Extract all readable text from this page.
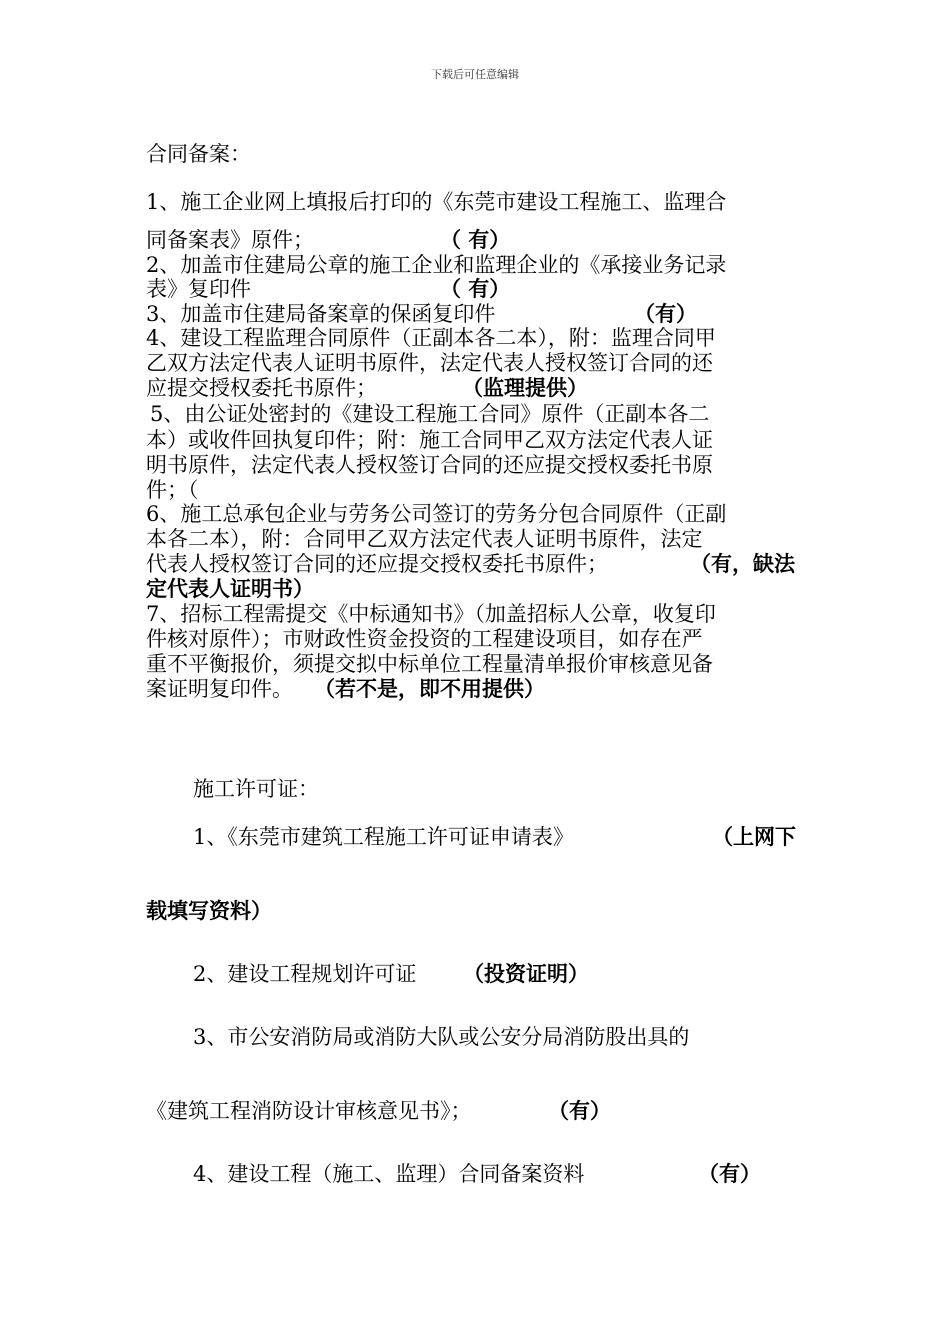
下载后可任意编辑
合同备案：
1、施工企业网上填报后打印的《东莞市建设工程施工、监理合
同备案表》原件；	（ 有）
2、加盖市住建局公章的施工企业和监理企业的《承接业务记录
表》复印件	（ 有）
3、加盖市住建局备案章的保函复印件	（有）
4、建设工程监理合同原件（正副本各二本），附：监理合同甲
乙双方法定代表人证明书原件，法定代表人授权签订合同的还
应提交授权委托书原件；	（监理提供）
5、由公证处密封的《建设工程施工合同》原件（正副本各二
本）或收件回执复印件；附：施工合同甲乙双方法定代表人证
明书原件，法定代表人授权签订合同的还应提交授权委托书原
件；（
6、施工总承包企业与劳务公司签订的劳务分包合同原件（正副
本各二本），附：合同甲乙双方法定代表人证明书原件，法定
代表人授权签订合同的还应提交授权委托书原件；	（有，缺法
定代表人证明书）
7、招标工程需提交《中标通知书》（加盖招标人公章，收复印
件核对原件）；市财政性资金投资的工程建设项目，如存在严
重不平衡报价，须提交拟中标单位工程量清单报价审核意见备
案证明复印件。 （若不是，即不用提供）
施工许可证：
1、《东莞市建筑工程施工许可证申请表》	（上网下
载填写资料）
2、建设工程规划许可证 （投资证明）
3、市公安消防局或消防大队或公安分局消防股出具的
《建筑工程消防设计审核意见书》；	（有）
4、建设工程（施工、监理）合同备案资料	（有）
